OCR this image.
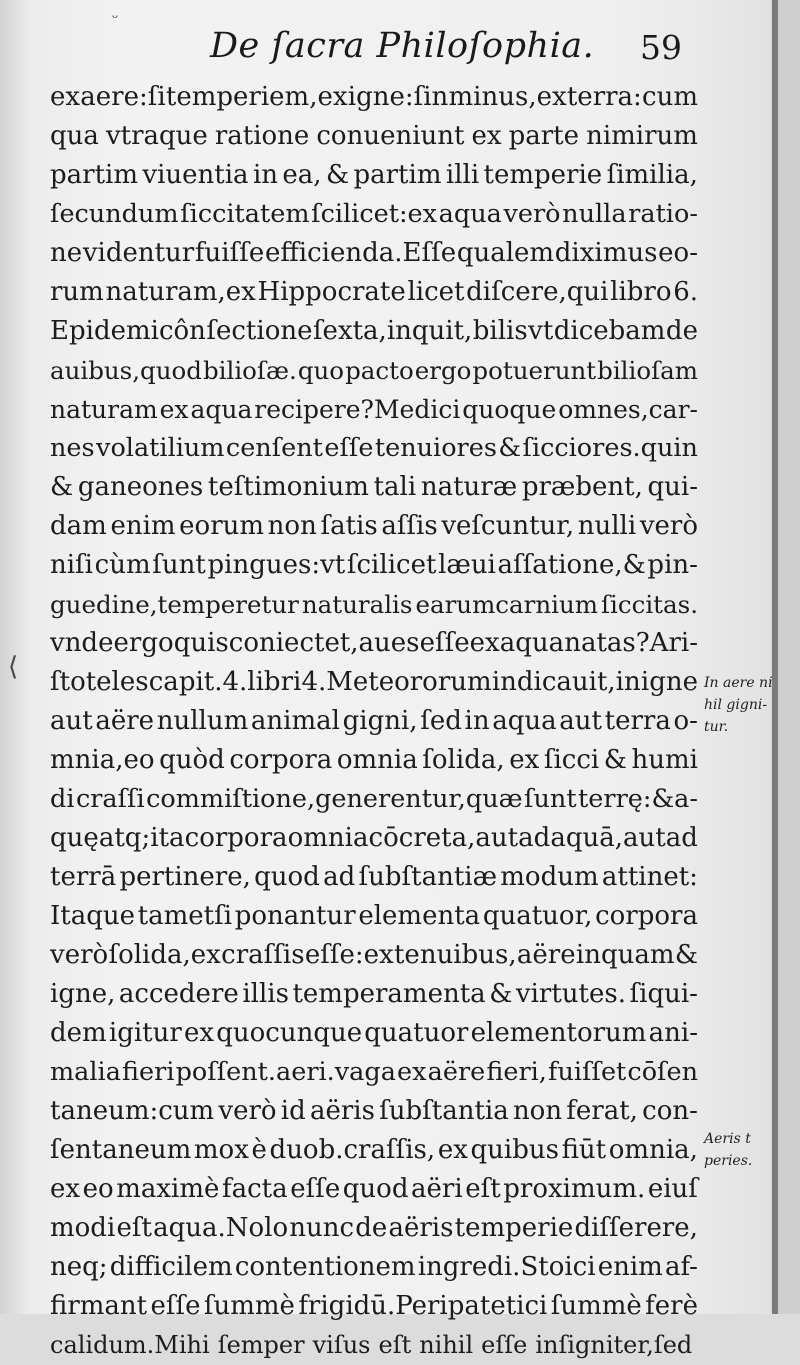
De ſacra Philoſophia. 59
ex aere:ſi temperiem,ex igne:ſin minus,ex terra: cum
qua vtraque ratione conueniunt ex parte nimirum
partim viuentia in ea, & partim illi temperie ſimilia,
ſecundum ſiccitatem ſcilicet:ex aqua verò nulla ratio-
ne videntur fuiſſe efficienda.Eſſe qualem diximus eo-
rum naturam,ex Hippocrate licet diſcere,qui libro 6.
Epidemicôn ſectione ſexta,inquit, bilis vt dicebam de
auibus,quod bilioſæ. quo pacto ergo potuerunt bilioſam
naturam ex aqua recipere?Medici quoque omnes,car-
nes volatilium cenſent eſſe tenuiores & ſicciores.quin
& ganeones teſtimonium tali naturæ præbent, qui-
dam enim eorum non ſatis aſſis veſcuntur, nulli verò
niſi cùm ſunt pingues:vt ſcilicet læui aſſatione,& pin-
guedine,temperetur naturalis earumcarnium ſiccitas.
vnde ergo quis coniectet,aues eſſe ex aqua natas?Ari-
ſtoteles capit.4.libri 4.Meteororum indicauit,in igne
aut aëre nullum animal gigni, ſed in aqua aut terra o-
mnia,eo quòd corpora omnia ſolida, ex ſicci & humi
di craſſi commiſtione,generentur,quæ ſunt terrę:&a-
quę atq; ita corpora omnia cōcreta,aut ad aquā,aut ad
terrā pertinere, quod ad ſubſtantiæ modum attinet:
Itaque tametſi ponantur elementa quatuor, corpora
verò ſolida,ex craſſis eſſe:ex tenuibus, aëre inquam &
igne, accedere illis temperamenta & virtutes. ſiqui-
dem igitur ex quocunque quatuor elementorum ani-
malia fieri poſſent.aeri.vaga ex aëre fieri, fuiſſet cōſen
taneum:cum verò id aëris ſubſtantia non ferat, con-
ſentaneum mox è duob.craſſis, ex quibus fiūt omnia,
ex eo maximè facta eſſe quod aëri eſt proximum. eiuſ
modi eſt aqua.Nolo nunc de aëris temperie diſſerere,
neq; difficilem contentionem ingredi.Stoici enim af-
firmant eſſe ſummè frigidū.Peripatetici ſummè ferè
calidum.Mihi ſemper viſus eſt nihil eſſe inſigniter,ſed
In aere ni
hil gigni-
tur.
Aeris t
peries.
ᵕ
⟨
